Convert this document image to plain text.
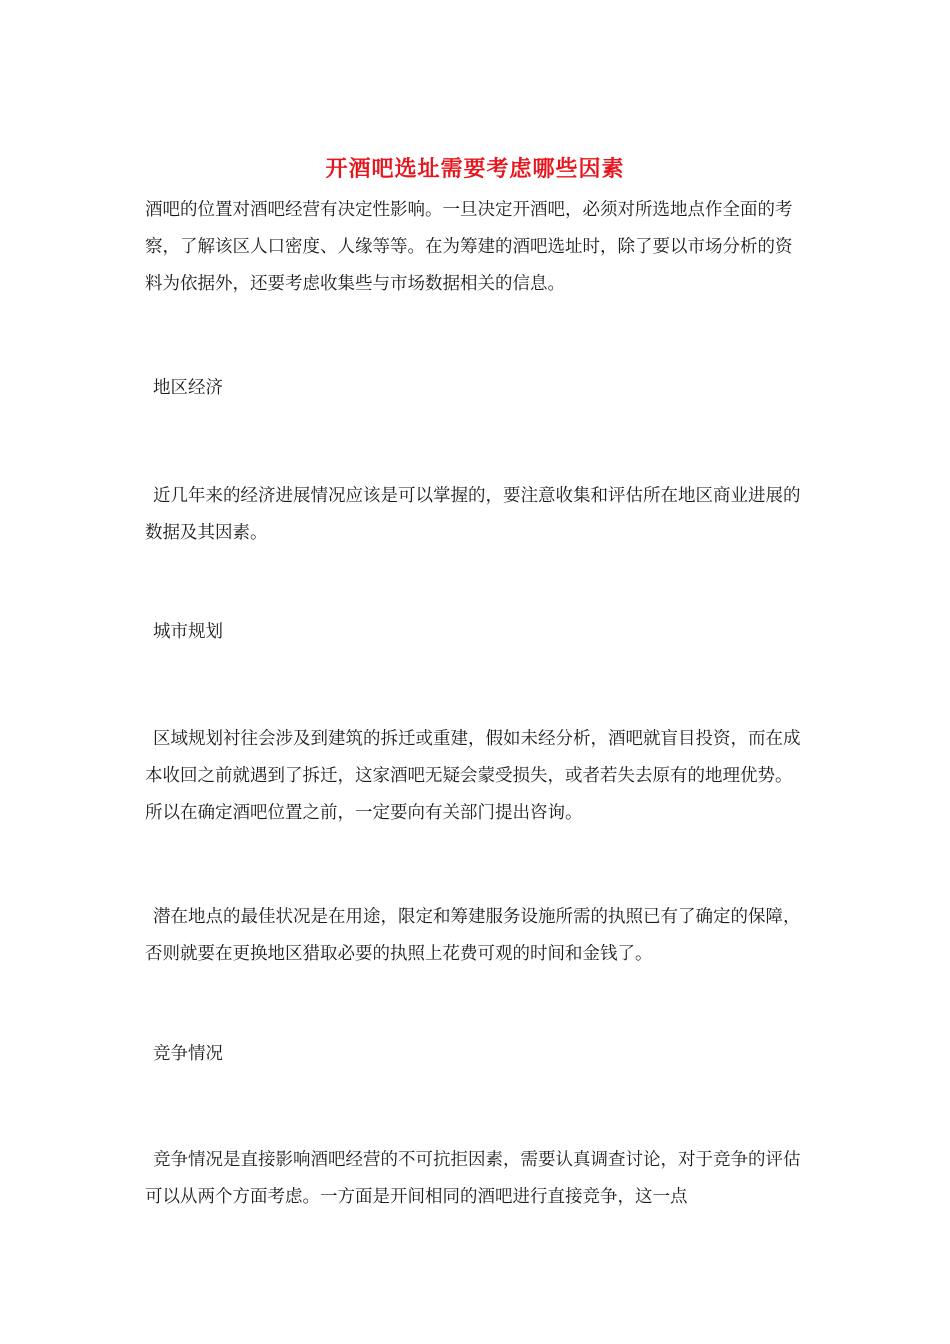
开酒吧选址需要考虑哪些因素

酒吧的位置对酒吧经营有决定性影响。一旦决定开酒吧，必须对所选地点作全面的考察，了解该区人口密度、人缘等等。在为筹建的酒吧选址时，除了要以市场分析的资料为依据外，还要考虑收集些与市场数据相关的信息。

地区经济

近几年来的经济进展情况应该是可以掌握的，要注意收集和评估所在地区商业进展的数据及其因素。

城市规划

区域规划衬往会涉及到建筑的拆迁或重建，假如未经分析，酒吧就盲目投资，而在成本收回之前就遇到了拆迁，这家酒吧无疑会蒙受损失，或者若失去原有的地理优势。所以在确定酒吧位置之前，一定要向有关部门提出咨询。

潜在地点的最佳状况是在用途，限定和筹建服务设施所需的执照已有了确定的保障，否则就要在更换地区猎取必要的执照上花费可观的时间和金钱了。

竞争情况

竞争情况是直接影响酒吧经营的不可抗拒因素，需要认真调查讨论，对于竞争的评估可以从两个方面考虑。一方面是开间相同的酒吧进行直接竞争，这一点
